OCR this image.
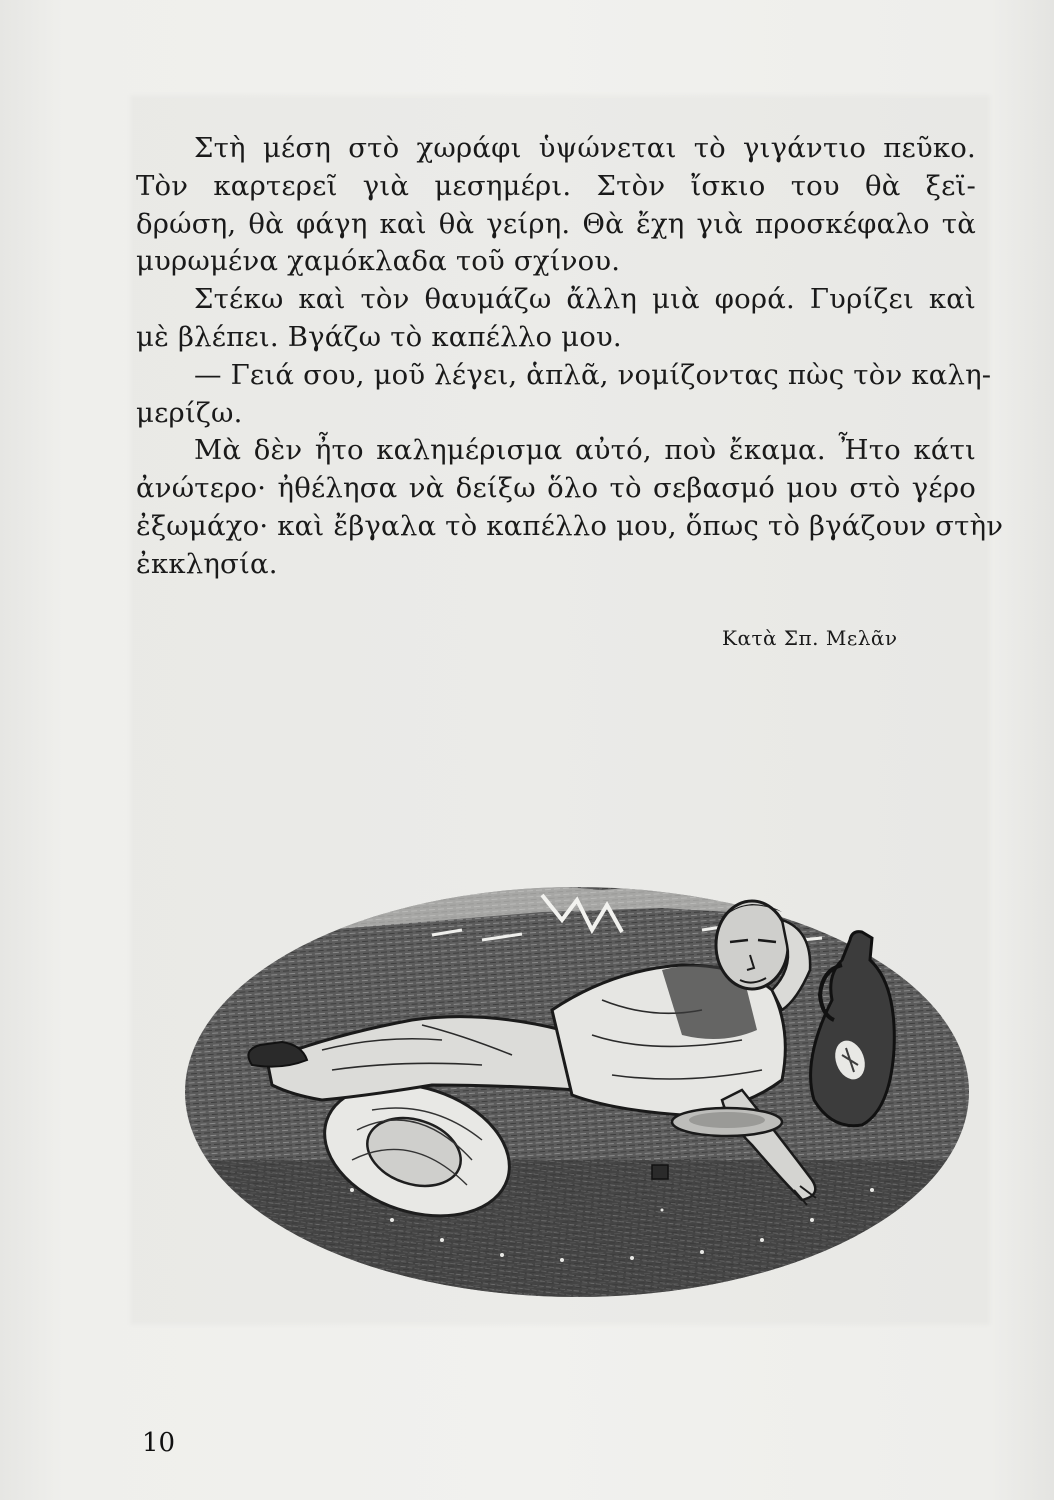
Στὴ μέση στὸ χωράφι ὑψώνεται τὸ γιγάντιο πεῦκο.
Τὸν καρτερεῖ γιὰ μεσημέρι. Στὸν ἴσκιο του θὰ ξεϊ-
δρώση, θὰ φάγη καὶ θὰ γείρη. Θὰ ἔχη γιὰ προσκέφαλο τὰ
μυρωμένα χαμόκλαδα τοῦ σχίνου.

Στέκω καὶ τὸν θαυμάζω ἄλλη μιὰ φορά. Γυρίζει καὶ
μὲ βλέπει. Βγάζω τὸ καπέλλο μου.

— Γειά σου, μοῦ λέγει, ἁπλᾶ, νομίζοντας πὼς τὸν καλη-
μερίζω.

Μὰ δὲν ἦτο καλημέρισμα αὐτό, ποὺ ἔκαμα. Ἦτο κάτι
ἀνώτερο· ἠθέλησα νὰ δείξω ὅλο τὸ σεβασμό μου στὸ γέρο
ἐξωμάχο· καὶ ἔβγαλα τὸ καπέλλο μου, ὅπως τὸ βγάζουν στὴν
ἐκκλησία.

Κατὰ Σπ. Μελᾶν
10
